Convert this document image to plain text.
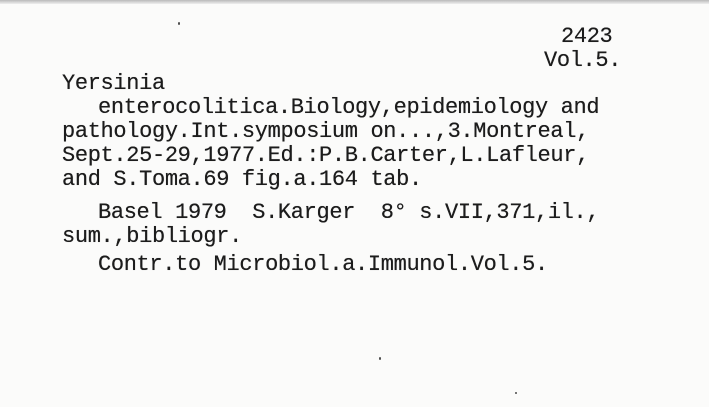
2423
Vol.5.
Yersinia
enterocolitica.Biology,epidemiology and
pathology.Int.symposium on...,3.Montreal,
Sept.25-29,1977.Ed.:P.B.Carter,L.Lafleur,
and S.Toma.69 fig.a.164 tab.
Basel 1979  S.Karger  8° s.VII,371,il.,
sum.,bibliogr.
Contr.to Microbiol.a.Immunol.Vol.5.
